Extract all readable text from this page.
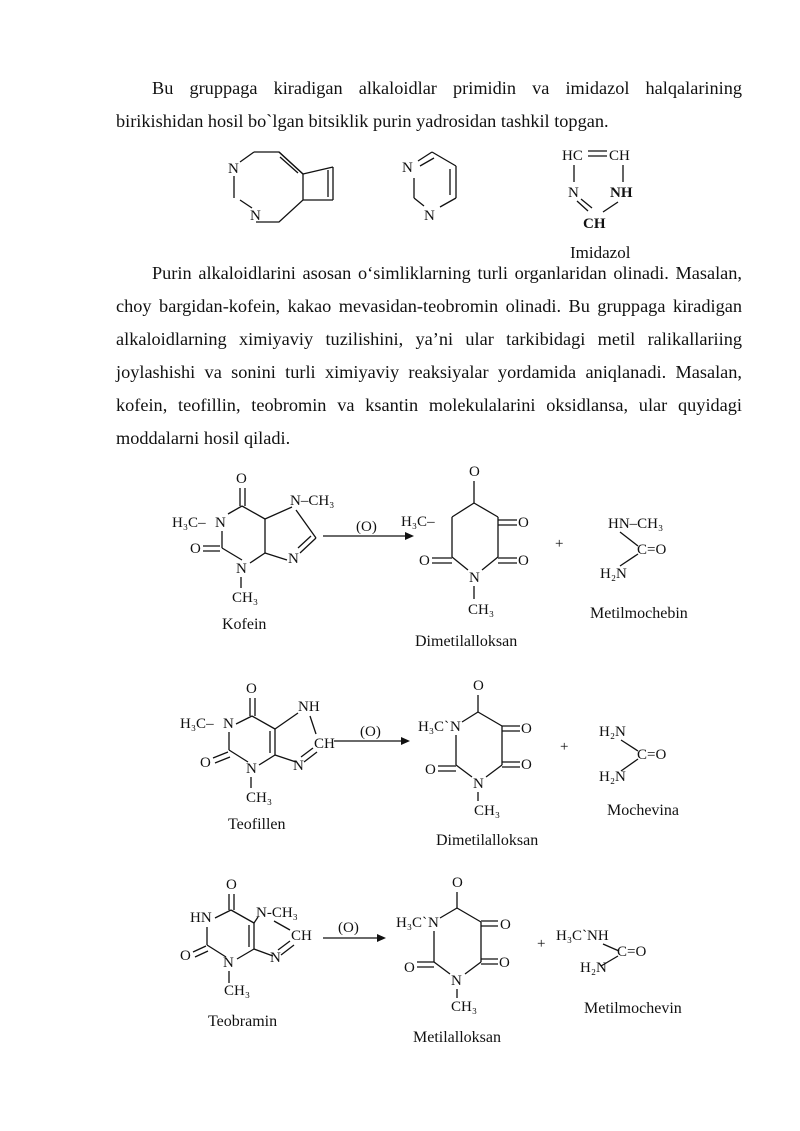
Bu gruppaga kiradigan alkaloidlar primidin va imidazol halqalarining birikishidan hosil bo`lgan bitsiklik purin yadrosidan tashkil topgan.
Purin alkaloidlarini asosan o‘simliklarning turli organlaridan olinadi. Masalan, choy bargidan-kofein, kakao mevasidan-teobromin olinadi. Bu gruppaga kiradigan alkaloidlarning ximiyaviy tuzilishini, ya’ni ular tarkibidagi metil ralikallariing joylashishi va sonini turli ximiyaviy reaksiyalar yordamida aniqlanadi. Masalan, kofein, teofillin, teobromin va ksantin molekulalarini oksidlansa, ular quyidagi moddalarni hosil qiladi.
N
N
N
N
HC CH
N NH
CH
Imidazol
O
H₃C– N
O
N
CH₃
N–CH₃
N
Kofein
(O)
O
H₃C–	O
O
O
N
CH₃
Dimetilalloksan
+
HN–CH₃
C=O
H₂N
Metilmochebin
O
H₃C– N
O N
CH₃
NH
CH
N
Teofillen
(O)
O
H₃C` N	O
O
O
N
CH₃
Dimetilalloksan
+
H₂N
C=O
H₂N
Mochevina
O
HN
O N
CH₃
N-CH₃
CH
N
Teobramin
(O)
O
H₃C` N	O
O
O
N
CH₃
Metilalloksan
+ H₃C`NH
C=O
H₂N
Metilmochevin
